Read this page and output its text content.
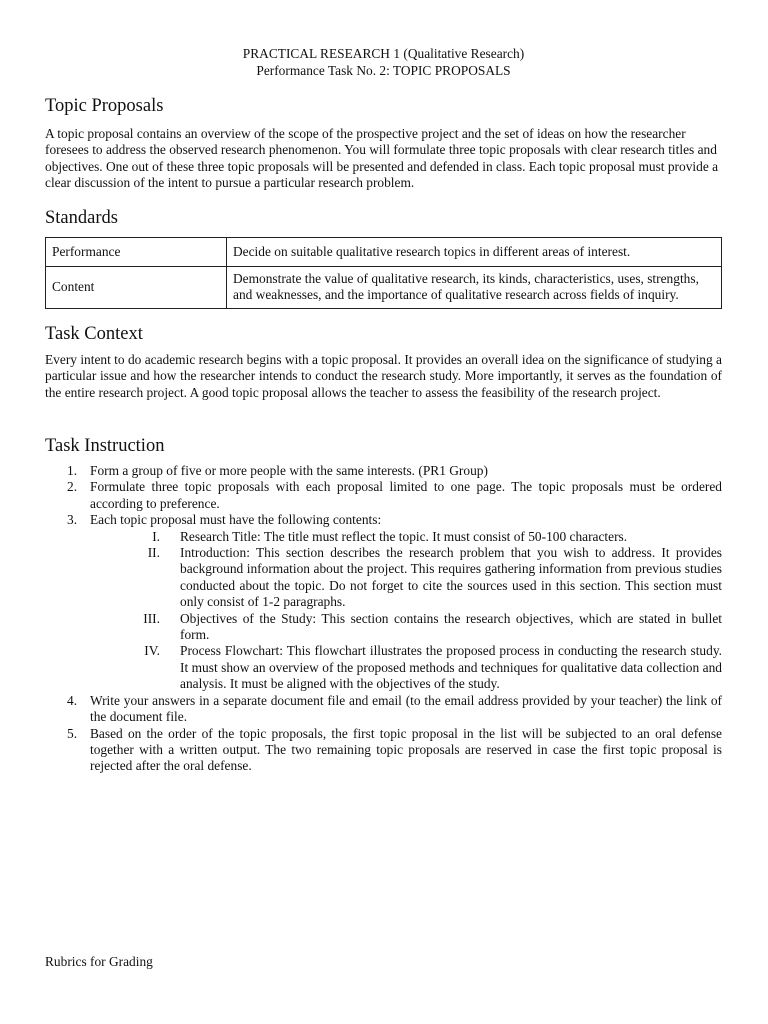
PRACTICAL RESEARCH 1 (Qualitative Research)
Performance Task No. 2: TOPIC PROPOSALS
Topic Proposals
A topic proposal contains an overview of the scope of the prospective project and the set of ideas on how the researcher foresees to address the observed research phenomenon. You will formulate three topic proposals with clear research titles and objectives. One out of these three topic proposals will be presented and defended in class. Each topic proposal must provide a clear discussion of the intent to pursue a particular research problem.
Standards
Performance	Decide on suitable qualitative research topics in different areas of interest.
Content	Demonstrate the value of qualitative research, its kinds, characteristics, uses, strengths, and weaknesses, and the importance of qualitative research across fields of inquiry.
Task Context
Every intent to do academic research begins with a topic proposal. It provides an overall idea on the significance of studying a particular issue and how the researcher intends to conduct the research study. More importantly, it serves as the foundation of the entire research project. A good topic proposal allows the teacher to assess the feasibility of the research project.
Task Instruction
1. Form a group of five or more people with the same interests. (PR1 Group)
2. Formulate three topic proposals with each proposal limited to one page. The topic proposals must be ordered according to preference.
3. Each topic proposal must have the following contents:
I. Research Title: The title must reflect the topic. It must consist of 50-100 characters.
II. Introduction: This section describes the research problem that you wish to address. It provides background information about the project. This requires gathering information from previous studies conducted about the topic. Do not forget to cite the sources used in this section. This section must only consist of 1-2 paragraphs.
III. Objectives of the Study: This section contains the research objectives, which are stated in bullet form.
IV. Process Flowchart: This flowchart illustrates the proposed process in conducting the research study. It must show an overview of the proposed methods and techniques for qualitative data collection and analysis. It must be aligned with the objectives of the study.
4. Write your answers in a separate document file and email (to the email address provided by your teacher) the link of the document file.
5. Based on the order of the topic proposals, the first topic proposal in the list will be subjected to an oral defense together with a written output. The two remaining topic proposals are reserved in case the first topic proposal is rejected after the oral defense.
Rubrics for Grading
